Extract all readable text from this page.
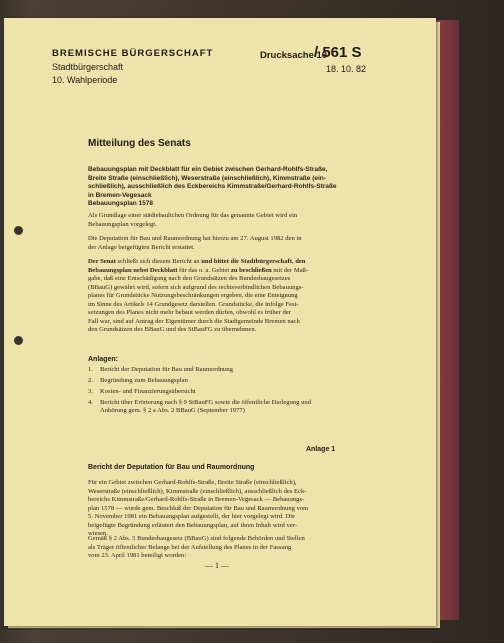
BREMISCHE BÜRGERSCHAFT
Stadtbürgerschaft
10. Wahlperiode
Drucksache 10
/ 561 S
18. 10. 82
Mitteilung des Senats
Bebauungsplan mit Deckblatt für ein Gebiet zwischen Gerhard-Rohlfs-Straße,
Breite Straße (einschließlich), Weserstraße (einschließlich), Kimmstraße (ein-
schließlich), ausschließlich des Eckbereichs Kimmstraße/Gerhard-Rohlfs-Straße
in Bremen-Vegesack
Bebauungsplan 1578
Als Grundlage einer städtebaulichen Ordnung für das genannte Gebiet wird ein
Bebauungsplan vorgelegt.
Die Deputation für Bau und Raumordnung hat hierzu am 27. August 1982 den in
der Anlage beigefügten Bericht erstattet.
Der Senat schließt sich diesem Bericht an und bittet die Stadtbürgerschaft, den
Bebauungsplan nebst Deckblatt für das o. a. Gebiet zu beschließen mit der Maß-
gabe, daß eine Entschädigung nach den Grundsätzen des Bundesbaugesetzes
(BBauG) gewährt wird, sofern sich aufgrund des rechtsverbindlichen Bebauungs-
planes für Grundstücke Nutzungsbeschränkungen ergeben, die eine Enteignung
im Sinne des Artikels 14 Grundgesetz darstellen. Grundstücke, die infolge Fest-
setzungen des Planes nicht mehr bebaut werden dürfen, obwohl es früher der
Fall war, sind auf Antrag der Eigentümer durch die Stadtgemeinde Bremen nach
den Grundsätzen des BBauG und des StBauFG zu übernehmen.
Anlagen:
1. Bericht der Deputation für Bau und Raumordnung
2. Begründung zum Bebauungsplan
3. Kosten- und Finanzierungsübersicht
4. Bericht über Erörterung nach § 9 StBauFG sowie die öffentliche Darlegung und
Anhörung gem. § 2 a Abs. 2 BBauG (September 1977)
Anlage 1
Bericht der Deputation für Bau und Raumordnung
Für ein Gebiet zwischen Gerhard-Rohlfs-Straße, Breite Straße (einschließlich),
Weserstraße (einschließlich), Kimmstraße (einschließlich), ausschließlich des Eck-
bereichs Kimmstraße/Gerhard-Rohlfs-Straße in Bremen-Vegesack — Bebauungs-
plan 1578 — wurde gem. Beschluß der Deputation für Bau und Raumordnung vom
5. November 1981 ein Bebauungsplan aufgestellt, der hier vorgelegt wird. Die
beigefügte Begründung erläutert den Bebauungsplan, auf ihren Inhalt wird ver-
wiesen.
Gemäß § 2 Abs. 5 Bundesbaugesetz (BBauG) sind folgende Behörden und Stellen
als Träger öffentlicher Belange bei der Aufstellung des Planes in der Fassung
vom 23. April 1981 beteiligt worden:
— 1 —
